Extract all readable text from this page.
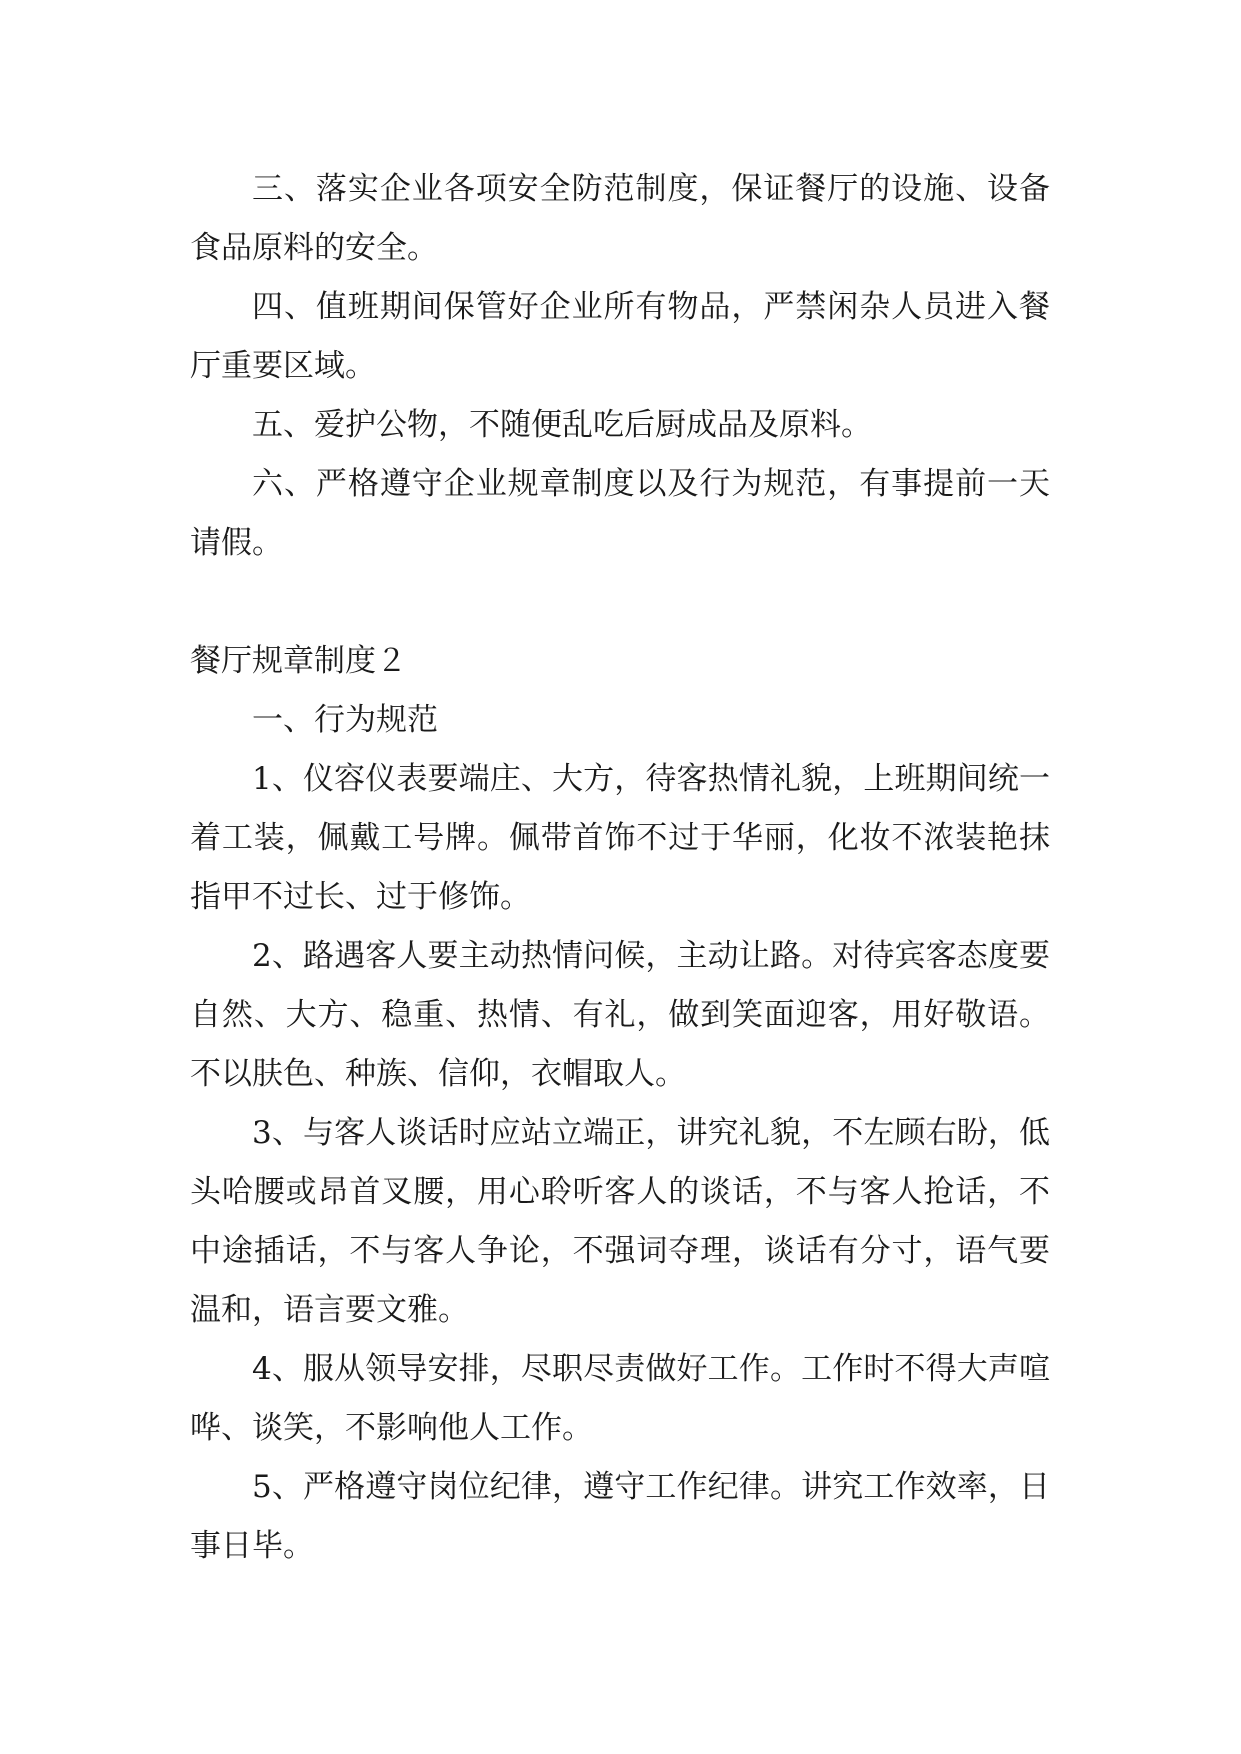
三、落实企业各项安全防范制度，保证餐厅的设施、设备食品原料的安全。

四、值班期间保管好企业所有物品，严禁闲杂人员进入餐厅重要区域。

五、爱护公物，不随便乱吃后厨成品及原料。

六、严格遵守企业规章制度以及行为规范，有事提前一天请假。

餐厅规章制度２

一、行为规范

1、仪容仪表要端庄、大方，待客热情礼貌，上班期间统一着工装，佩戴工号牌。佩带首饰不过于华丽，化妆不浓装艳抹指甲不过长、过于修饰。

2、路遇客人要主动热情问候，主动让路。对待宾客态度要自然、大方、稳重、热情、有礼，做到笑面迎客，用好敬语。不以肤色、种族、信仰，衣帽取人。

3、与客人谈话时应站立端正，讲究礼貌，不左顾右盼，低头哈腰或昂首叉腰，用心聆听客人的谈话，不与客人抢话，不中途插话，不与客人争论，不强词夺理，谈话有分寸，语气要温和，语言要文雅。

4、服从领导安排，尽职尽责做好工作。工作时不得大声喧哗、谈笑，不影响他人工作。

5、严格遵守岗位纪律，遵守工作纪律。讲究工作效率，日事日毕。
